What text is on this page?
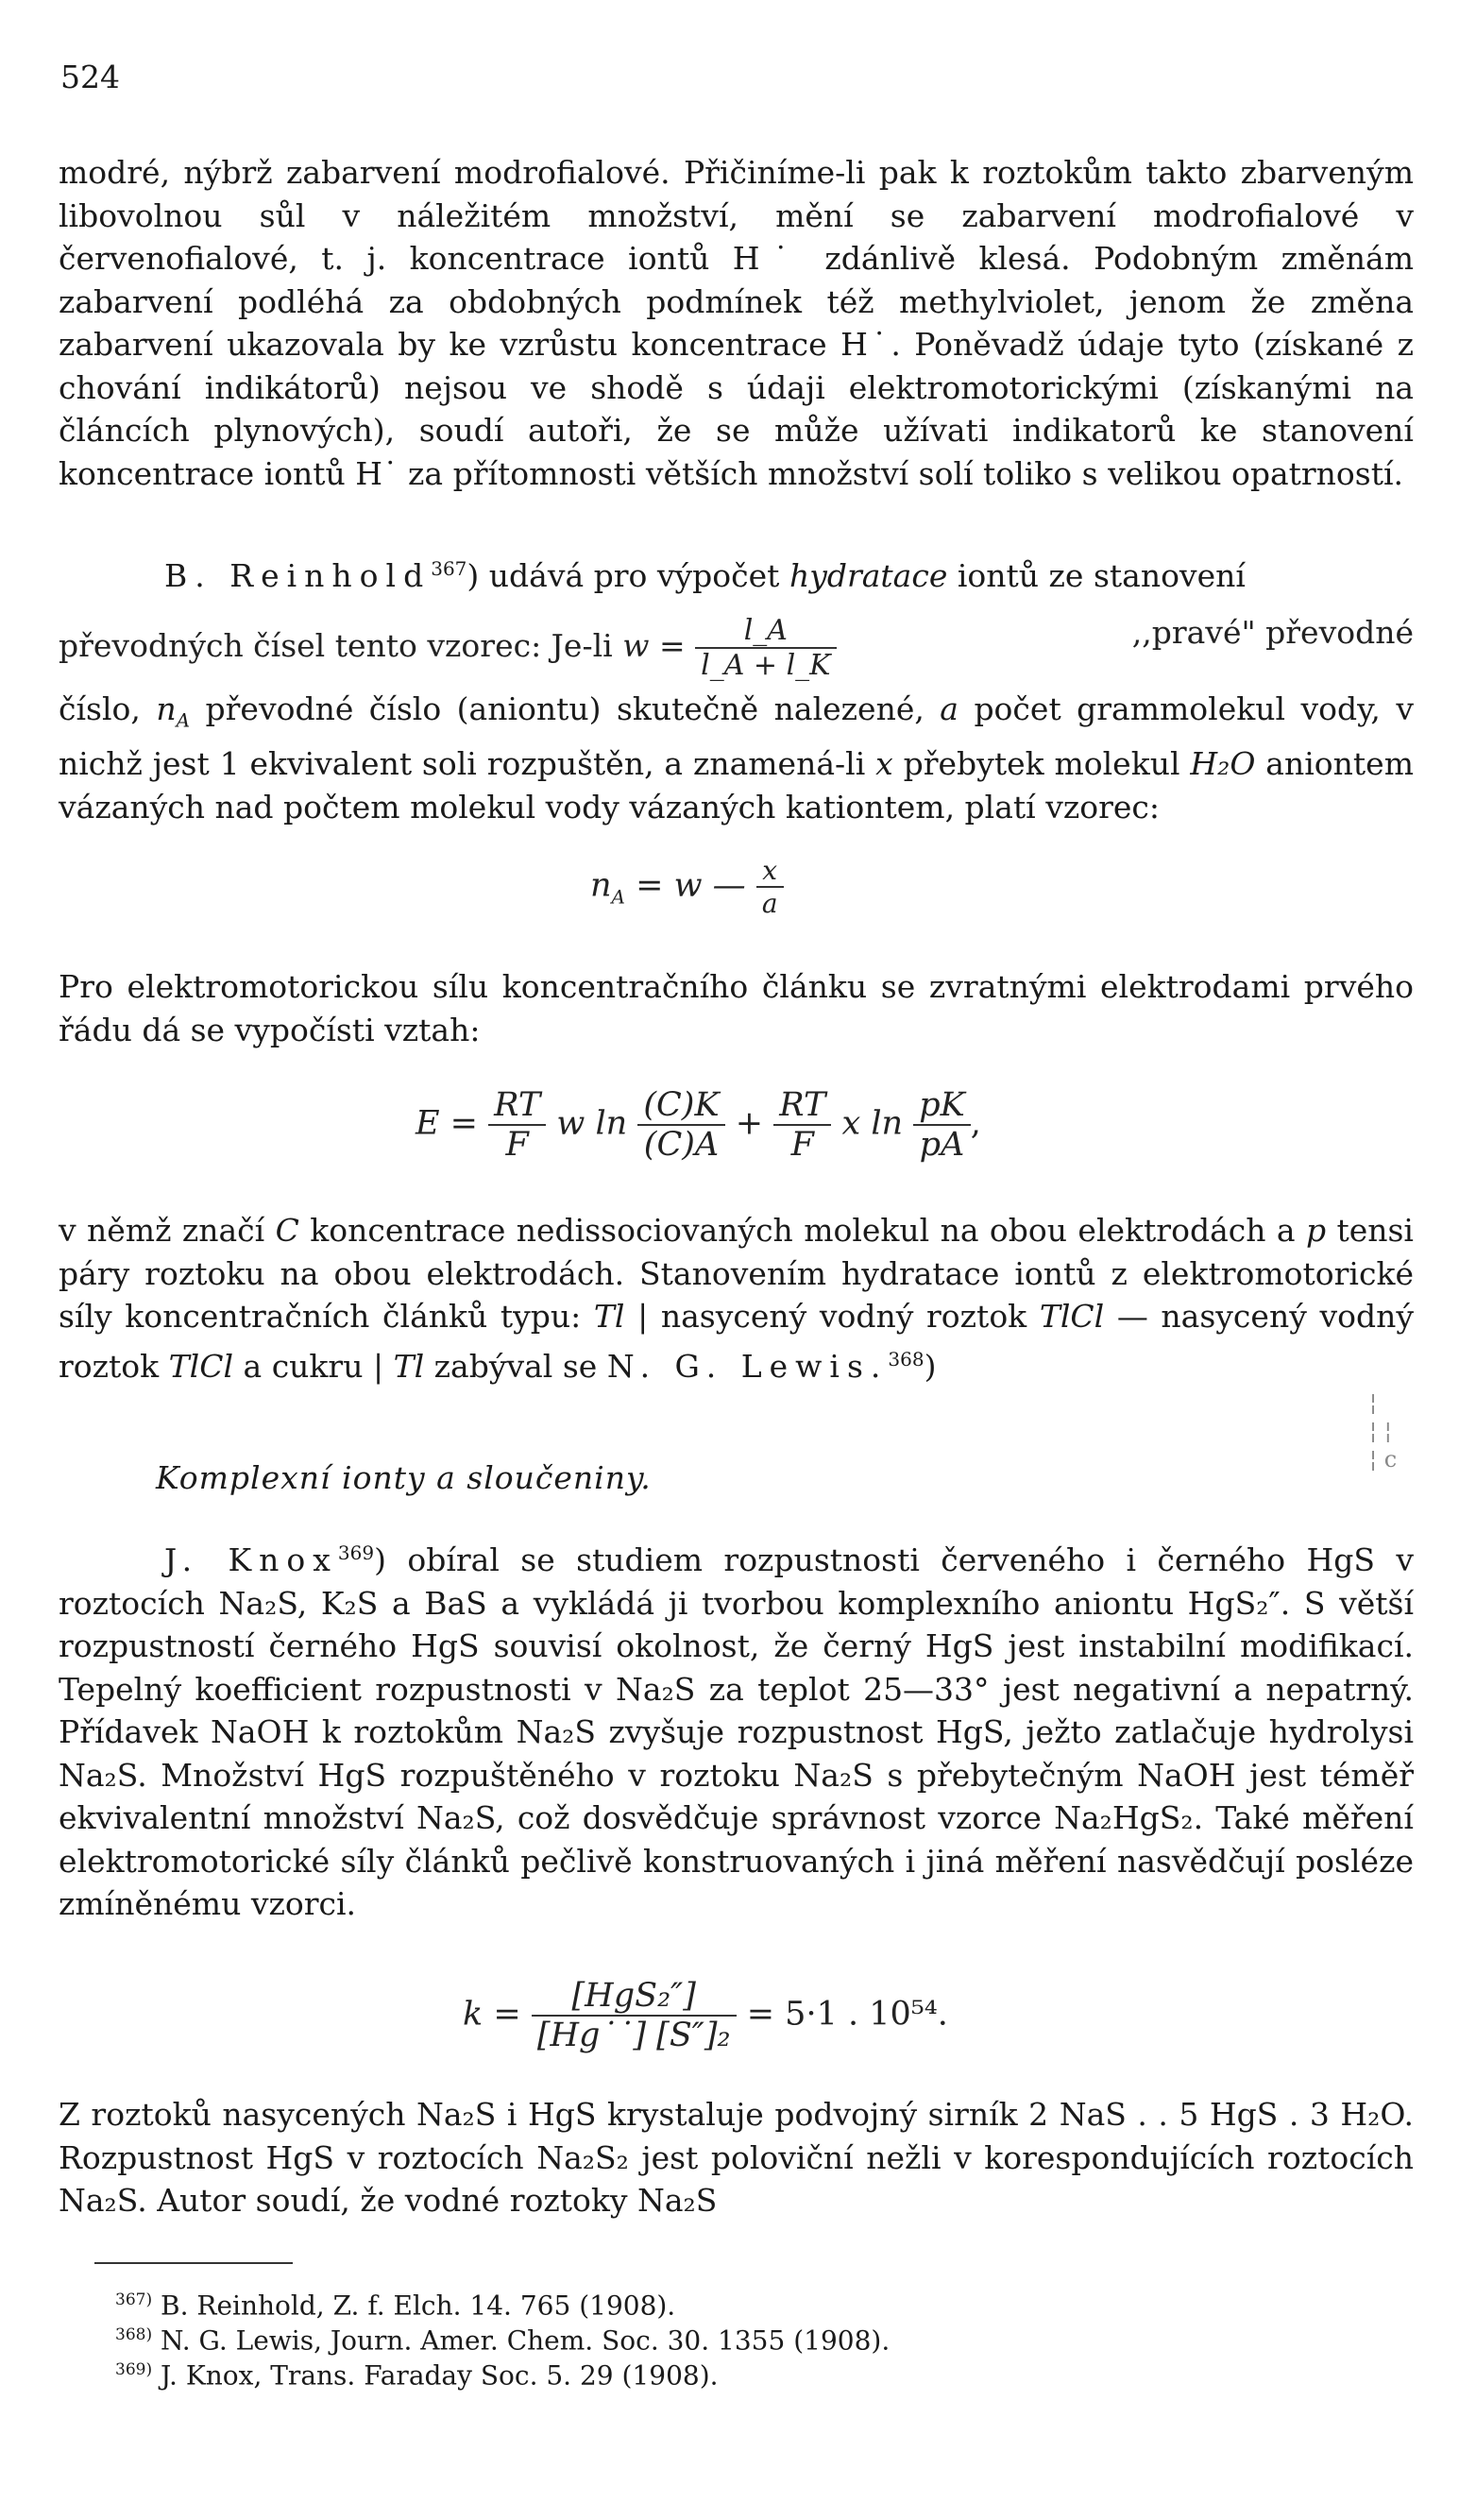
524

modré, nýbrž zabarvení modrofialové. Přičiníme-li pak k roztokům takto zbarveným libovolnou sůl v náležitém množství, mění se zabarvení modrofialové v červenofialové, t. j. koncentrace iontů H˙ zdánlivě klesá. Podobným změnám zabarvení podléhá za obdobných podmínek též methylviolet, jenom že změna zabarvení ukazovala by ke vzrůstu koncentrace H˙. Poněvadž údaje tyto (získané z chování indikátorů) nejsou ve shodě s údaji elektromotorickými (získanými na článcích plynových), soudí autoři, že se může užívati indikatorů ke stanovení koncentrace iontů H˙ za přítomnosti větších množství solí toliko s velikou opatrností.

B. Reinhold$^{367}$) udává pro výpočet hydratace iontů ze stanovení

převodných čísel tento vzorec: Je-li $w = \frac{l\_A}{l\_A + l\_K}$	,,pravé" převodné

číslo, $n_A$ převodné číslo (aniontu) skutečně nalezené, a počet grammolekul vody, v nichž jest 1 ekvivalent soli rozpuštěn, a znamená-li x přebytek molekul H₂O aniontem vázaných nad počtem molekul vody vázaných kationtem, platí vzorec:

$n_A = w$ — $\frac{x}{a}$

Pro elektromotorickou sílu koncentračního článku se zvratnými elektrodami prvého řádu dá se vypočísti vztah:

$E = \frac{RT}{F}$ w $\ln \frac{(C)K}{(C)A} + \frac{RT}{F}$ x $\ln \frac{pK}{pA}$ ,

v němž značí C koncentrace nedissociovaných molekul na obou elektrodách a p tensi páry roztoku na obou elektrodách. Stanovením hydratace iontů z elektromotorické síly koncentračních článků typu: Tl | nasycený vodný roztok TlCl — nasycený vodný roztok TlCl a cukru | Tl zabýval se N. G. Lewis.$^{368}$)

¦
¦ ¦
¦ c
Komplexní ionty a sloučeniny.

J. Knox$^{369}$) obíral se studiem rozpustnosti červeného i černého HgS v roztocích Na₂S, K₂S a BaS a vykládá ji tvorbou komplexního aniontu HgS₂″. S větší rozpustností černého HgS souvisí okolnost, že černý HgS jest instabilní modifikací. Tepelný koefficient rozpustnosti v Na₂S za teplot 25—33° jest negativní a nepatrný. Přídavek NaOH k roztokům Na₂S zvyšuje rozpustnost HgS, ježto zatlačuje hydrolysi Na₂S. Množství HgS rozpuštěného v roztoku Na₂S s přebytečným NaOH jest téměř ekvivalentní množství Na₂S, což dosvědčuje správnost vzorce Na₂HgS₂. Také měření elektromotorické síly článků pečlivě konstruovaných i jiná měření nasvědčují posléze zmíněnému vzorci.

$k = \frac{\text{[HgS₂″]}}{\text{[Hg˙˙] [S″]₂}} = 5\cdot 1$ . 10⁵⁴.

Z roztoků nasycených Na₂S i HgS krystaluje podvojný sirník 2 NaS . . 5 HgS . 3 H₂O. Rozpustnost HgS v roztocích Na₂S₂ jest poloviční nežli v korespondujících roztocích Na₂S. Autor soudí, že vodné roztoky Na₂S

$^{367)}$ B. Reinhold, Z. f. Elch. 14. 765 (1908).
$^{368)}$ N. G. Lewis, Journ. Amer. Chem. Soc. 30. 1355 (1908).
$^{369)}$ J. Knox, Trans. Faraday Soc. 5. 29 (1908).
